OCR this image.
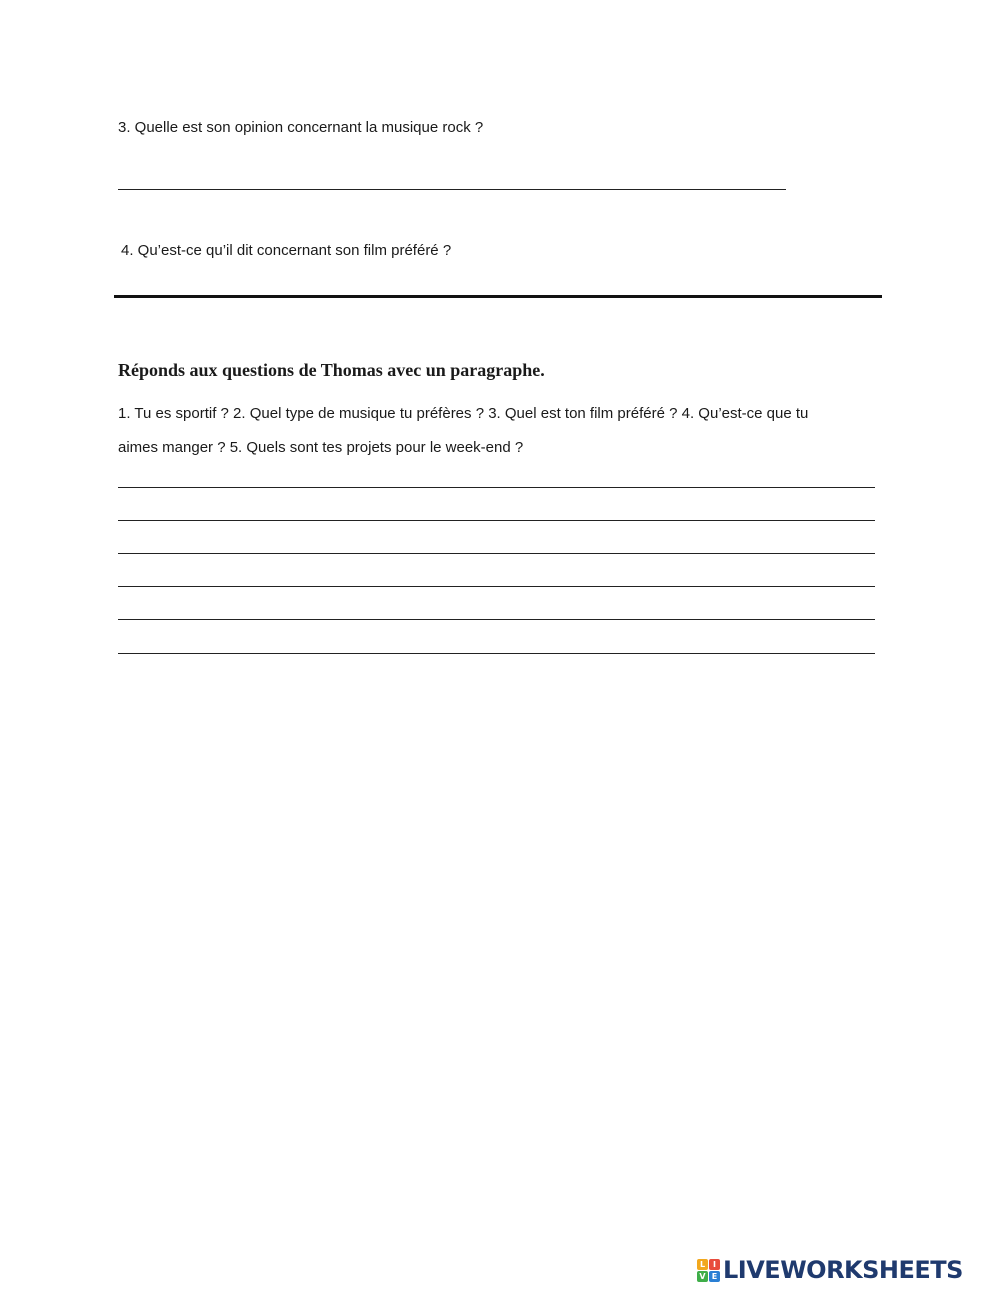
3. Quelle est son opinion concernant la musique rock ?
4. Qu’est-ce qu’il dit concernant son film préféré ?
Réponds aux questions de Thomas avec un paragraphe.
1. Tu es sportif ? 2. Quel type de musique tu préfères ? 3. Quel est ton film préféré ? 4. Qu’est-ce que tu
aimes manger ? 5. Quels sont tes projets pour le week-end ?
L I
V E LIVEWORKSHEETS
